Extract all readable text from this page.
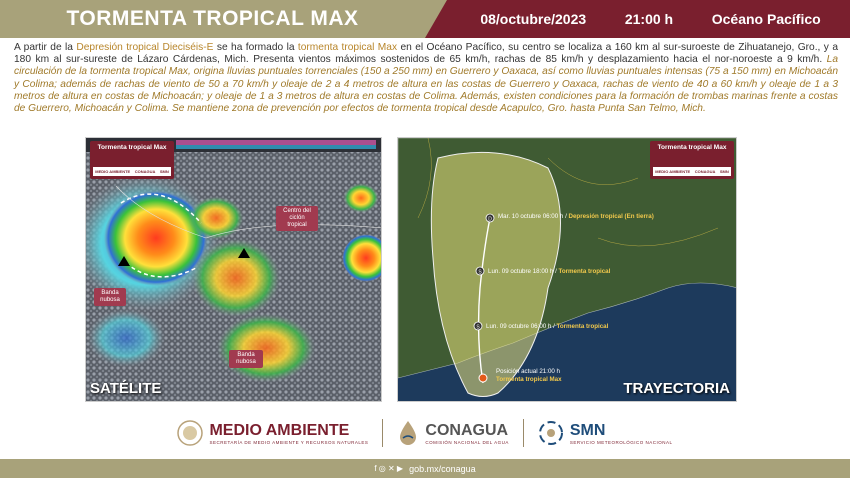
TORMENTA TROPICAL MAX	08/octubre/2023	21:00 h	Océano Pacífico
A partir de la Depresión tropical Dieciséis-E se ha formado la tormenta tropical Max en el Océano Pacífico, su centro se localiza a 160 km al sur-suroeste de Zihuatanejo, Gro., y a 180 km al sur-sureste de Lázaro Cárdenas, Mich. Presenta vientos máximos sostenidos de 65 km/h, rachas de 85 km/h y desplazamiento hacia el nor-noroeste a 9 km/h. La circulación de la tormenta tropical Max, origina lluvias puntuales torrenciales (150 a 250 mm) en Guerrero y Oaxaca, así como lluvias puntuales intensas (75 a 150 mm) en Michoacán y Colima; además de rachas de viento de 50 a 70 km/h y oleaje de 2 a 4 metros de altura en las costas de Guerrero y Oaxaca, rachas de viento de 40 a 60 km/h y oleaje de 1 a 3 metros de altura en costas de Michoacán; y oleaje de 1 a 3 metros de altura en costas de Colima. Además, existen condiciones para la formación de trombas marinas frente a costas de Guerrero, Michoacán y Colima. Se mantiene zona de prevención por efectos de tormenta tropical desde Acapulco, Gro. hasta Punta San Telmo, Mich.
Tormenta tropical Max
MEDIO AMBIENTE CONAGUA SMN
Centro del ciclón tropical
Banda nubosa
Banda nubosa
SATÉLITE
D
S
S
Tormenta tropical Max
MEDIO AMBIENTE CONAGUA SMN
Mar. 10 octubre 06:00 h / Depresión tropical (En tierra)
Lun. 09 octubre 18:00 h / Tormenta tropical
Lun. 09 octubre 06:00 h / Tormenta tropical
Posición actual 21:00 h
Tormenta tropical Max
TRAYECTORIA
MEDIO AMBIENTE
SECRETARÍA DE MEDIO AMBIENTE Y RECURSOS NATURALES
CONAGUA
COMISIÓN NACIONAL DEL AGUA
SMN
SERVICIO METEOROLÓGICO NACIONAL
f ◎ ✕ ▶ gob.mx/conagua
